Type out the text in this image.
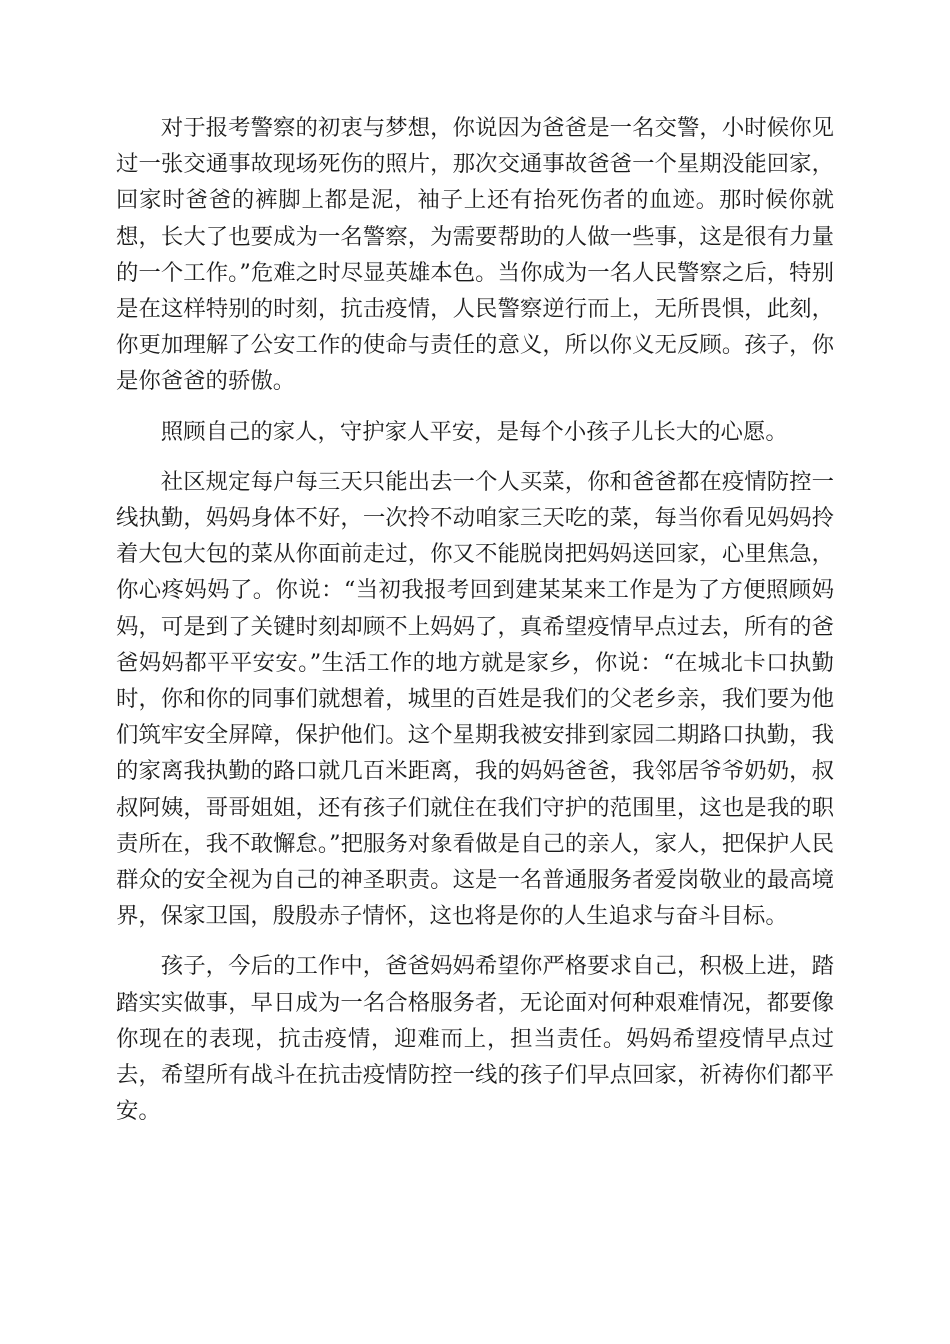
对于报考警察的初衷与梦想，你说因为爸爸是一名交警，小时候你见过一张交通事故现场死伤的照片，那次交通事故爸爸一个星期没能回家，回家时爸爸的裤脚上都是泥，袖子上还有抬死伤者的血迹。那时候你就想，长大了也要成为一名警察，为需要帮助的人做一些事，这是很有力量的一个工作。”危难之时尽显英雄本色。当你成为一名人民警察之后，特别是在这样特别的时刻，抗击疫情，人民警察逆行而上，无所畏惧，此刻，你更加理解了公安工作的使命与责任的意义，所以你义无反顾。孩子，你是你爸爸的骄傲。

照顾自己的家人，守护家人平安，是每个小孩子儿长大的心愿。

社区规定每户每三天只能出去一个人买菜，你和爸爸都在疫情防控一线执勤，妈妈身体不好，一次拎不动咱家三天吃的菜，每当你看见妈妈拎着大包大包的菜从你面前走过，你又不能脱岗把妈妈送回家，心里焦急，你心疼妈妈了。你说：“当初我报考回到建某某来工作是为了方便照顾妈妈，可是到了关键时刻却顾不上妈妈了，真希望疫情早点过去，所有的爸爸妈妈都平平安安。”生活工作的地方就是家乡，你说：“在城北卡口执勤时，你和你的同事们就想着，城里的百姓是我们的父老乡亲，我们要为他们筑牢安全屏障，保护他们。这个星期我被安排到家园二期路口执勤，我的家离我执勤的路口就几百米距离，我的妈妈爸爸，我邻居爷爷奶奶，叔叔阿姨，哥哥姐姐，还有孩子们就住在我们守护的范围里，这也是我的职责所在，我不敢懈怠。”把服务对象看做是自己的亲人，家人，把保护人民群众的安全视为自己的神圣职责。这是一名普通服务者爱岗敬业的最高境界，保家卫国，殷殷赤子情怀，这也将是你的人生追求与奋斗目标。

孩子，今后的工作中，爸爸妈妈希望你严格要求自己，积极上进，踏踏实实做事，早日成为一名合格服务者，无论面对何种艰难情况，都要像你现在的表现，抗击疫情，迎难而上，担当责任。妈妈希望疫情早点过去，希望所有战斗在抗击疫情防控一线的孩子们早点回家，祈祷你们都平安。
